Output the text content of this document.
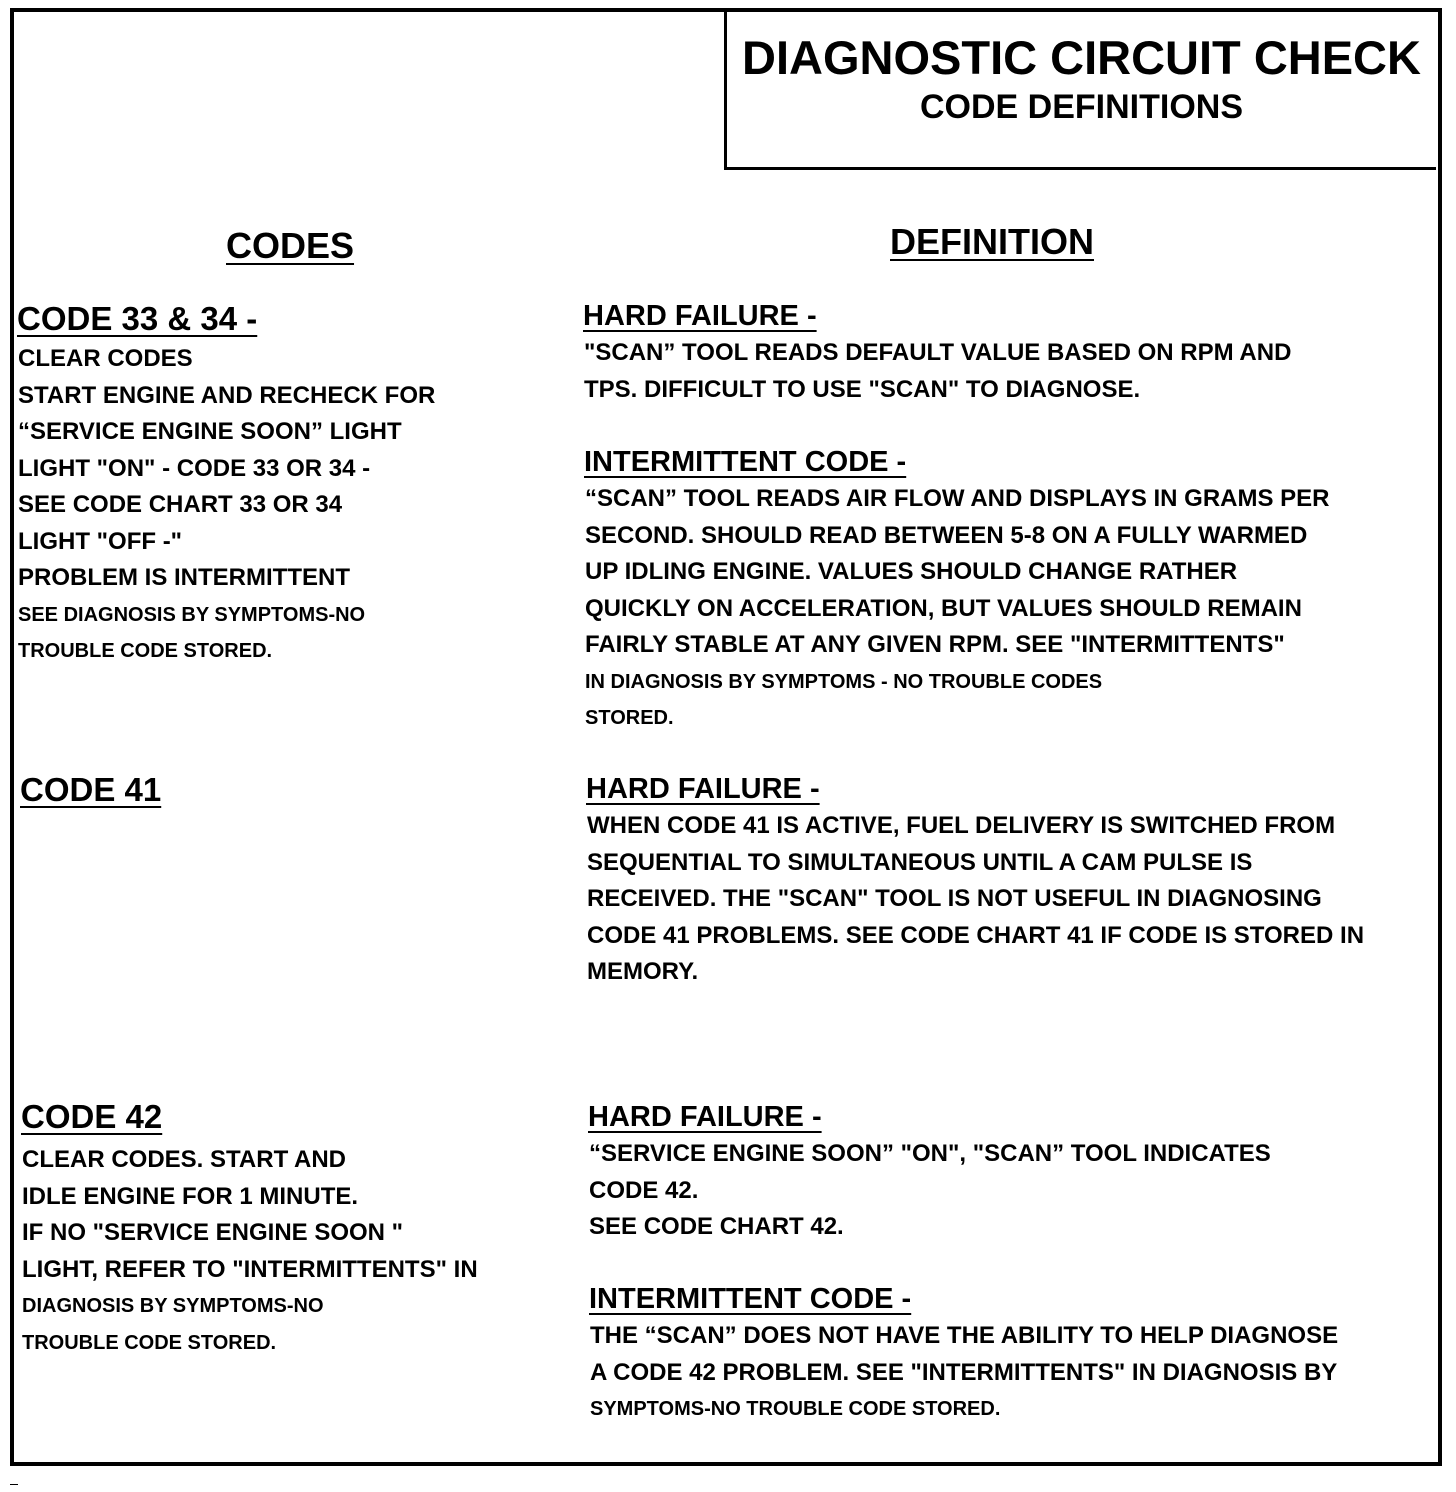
DIAGNOSTIC CIRCUIT CHECK
CODE DEFINITIONS
CODES	DEFINITION
CODE 33 & 34 -
CLEAR CODES
START ENGINE AND RECHECK FOR
“SERVICE ENGINE SOON” LIGHT
LIGHT "ON" - CODE 33 OR 34 -
SEE CODE CHART 33 OR 34
LIGHT "OFF -"
PROBLEM IS INTERMITTENT
SEE DIAGNOSIS BY SYMPTOMS-NO
TROUBLE CODE STORED.
HARD FAILURE -
"SCAN” TOOL READS DEFAULT VALUE BASED ON RPM AND
TPS. DIFFICULT TO USE "SCAN" TO DIAGNOSE.
INTERMITTENT CODE -
“SCAN” TOOL READS AIR FLOW AND DISPLAYS IN GRAMS PER
SECOND. SHOULD READ BETWEEN 5-8 ON A FULLY WARMED
UP IDLING ENGINE. VALUES SHOULD CHANGE RATHER
QUICKLY ON ACCELERATION, BUT VALUES SHOULD REMAIN
FAIRLY STABLE AT ANY GIVEN RPM. SEE "INTERMITTENTS"
IN DIAGNOSIS BY SYMPTOMS - NO TROUBLE CODES
STORED.
CODE 41	HARD FAILURE -
WHEN CODE 41 IS ACTIVE, FUEL DELIVERY IS SWITCHED FROM
SEQUENTIAL TO SIMULTANEOUS UNTIL A CAM PULSE IS
RECEIVED. THE "SCAN" TOOL IS NOT USEFUL IN DIAGNOSING
CODE 41 PROBLEMS. SEE CODE CHART 41 IF CODE IS STORED IN
MEMORY.
CODE 42
CLEAR CODES. START AND
IDLE ENGINE FOR 1 MINUTE.
IF NO "SERVICE ENGINE SOON "
LIGHT, REFER TO "INTERMITTENTS" IN
DIAGNOSIS BY SYMPTOMS-NO
TROUBLE CODE STORED.
HARD FAILURE -
“SERVICE ENGINE SOON” "ON", "SCAN” TOOL INDICATES
CODE 42.
SEE CODE CHART 42.
INTERMITTENT CODE -
THE “SCAN” DOES NOT HAVE THE ABILITY TO HELP DIAGNOSE
A CODE 42 PROBLEM. SEE "INTERMITTENTS" IN DIAGNOSIS BY
SYMPTOMS-NO TROUBLE CODE STORED.
